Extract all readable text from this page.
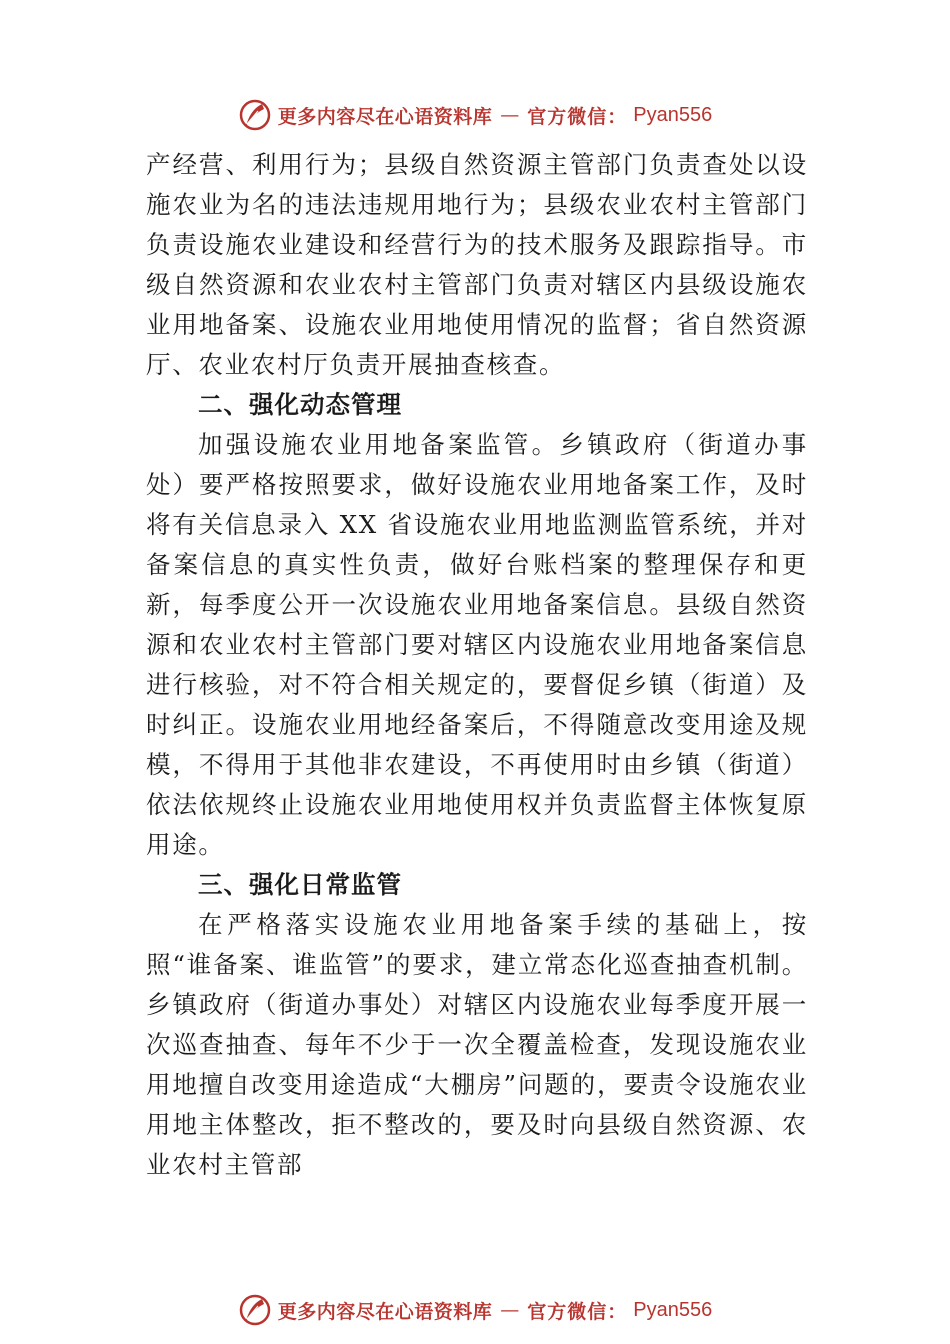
更多内容尽在心语资料库 — 官方微信： Pyan556

产经营、利用行为；县级自然资源主管部门负责查处以设施农业为名的违法违规用地行为；县级农业农村主管部门负责设施农业建设和经营行为的技术服务及跟踪指导。市级自然资源和农业农村主管部门负责对辖区内县级设施农业用地备案、设施农业用地使用情况的监督；省自然资源厅、农业农村厅负责开展抽查核查。

二、强化动态管理

加强设施农业用地备案监管。乡镇政府（街道办事处）要严格按照要求，做好设施农业用地备案工作，及时将有关信息录入 XX 省设施农业用地监测监管系统，并对备案信息的真实性负责，做好台账档案的整理保存和更新，每季度公开一次设施农业用地备案信息。县级自然资源和农业农村主管部门要对辖区内设施农业用地备案信息进行核验，对不符合相关规定的，要督促乡镇（街道）及时纠正。设施农业用地经备案后，不得随意改变用途及规模，不得用于其他非农建设，不再使用时由乡镇（街道）依法依规终止设施农业用地使用权并负责监督主体恢复原用途。

三、强化日常监管

在严格落实设施农业用地备案手续的基础上，按照“谁备案、谁监管”的要求，建立常态化巡查抽查机制。乡镇政府（街道办事处）对辖区内设施农业每季度开展一次巡查抽查、每年不少于一次全覆盖检查，发现设施农业用地擅自改变用途造成“大棚房”问题的，要责令设施农业用地主体整改，拒不整改的，要及时向县级自然资源、农业农村主管部

更多内容尽在心语资料库 — 官方微信： Pyan556
